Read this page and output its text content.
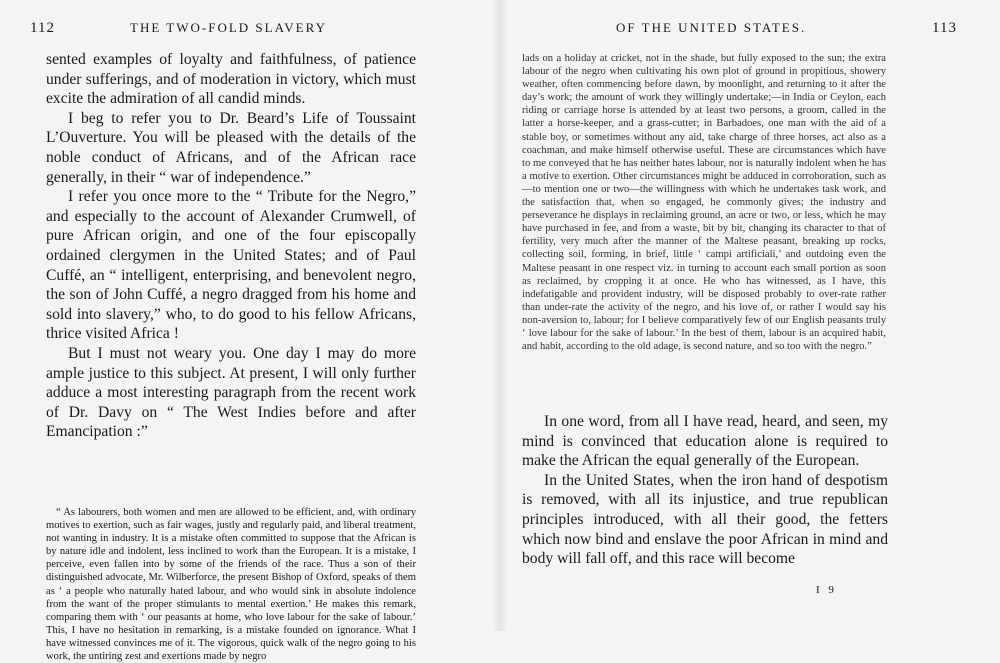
112	THE TWO-FOLD SLAVERY

sented examples of loyalty and faithfulness, of patience under sufferings, and of moderation in victory, which must excite the admiration of all candid minds.

I beg to refer you to Dr. Beard’s Life of Toussaint L’Ouverture. You will be pleased with the details of the noble conduct of Africans, and of the African race generally, in their “ war of independence.”

I refer you once more to the “ Tribute for the Negro,” and especially to the account of Alexander Crumwell, of pure African origin, and one of the four episcopally ordained clergymen in the United States; and of Paul Cuffé, an “ intelligent, enterprising, and benevolent negro, the son of John Cuffé, a negro dragged from his home and sold into slavery,” who, to do good to his fellow Africans, thrice visited Africa !

But I must not weary you. One day I may do more ample justice to this subject. At present, I will only further adduce a most interesting paragraph from the recent work of Dr. Davy on “ The West Indies before and after Emancipation :”

“ As labourers, both women and men are allowed to be efficient, and, with ordinary motives to exertion, such as fair wages, justly and regularly paid, and liberal treatment, not wanting in industry. It is a mistake often committed to suppose that the African is by nature idle and indolent, less inclined to work than the European. It is a mistake, I perceive, even fallen into by some of the friends of the race. Thus a son of their distinguished advocate, Mr. Wilberforce, the present Bishop of Oxford, speaks of them as ‘ a people who naturally hated labour, and who would sink in absolute indolence from the want of the proper stimulants to mental exertion.’ He makes this remark, comparing them with ‘ our peasants at home, who love labour for the sake of labour.’ This, I have no hesitation in remarking, is a mistake founded on ignorance. What I have witnessed convinces me of it. The vigorous, quick walk of the negro going to his work, the untiring zest and exertions made by negro

OF THE UNITED STATES.	113

lads on a holiday at cricket, not in the shade, but fully exposed to the sun; the extra labour of the negro when cultivating his own plot of ground in propitious, showery weather, often commencing before dawn, by moonlight, and returning to it after the day’s work; the amount of work they willingly undertake;—in India or Ceylon, each riding or carriage horse is attended by at least two persons, a groom, called in the latter a horse-keeper, and a grass-cutter; in Barbadoes, one man with the aid of a stable boy, or sometimes without any aid, take charge of three horses, act also as a coachman, and make himself otherwise useful. These are circumstances which have to me conveyed that he has neither hates labour, nor is naturally indolent when he has a motive to exertion. Other circumstances might be adduced in corroboration, such as—to mention one or two—the willingness with which he undertakes task work, and the satisfaction that, when so engaged, he commonly gives; the industry and perseverance he displays in reclaiming ground, an acre or two, or less, which he may have purchased in fee, and from a waste, bit by bit, changing its character to that of fertility, very much after the manner of the Maltese peasant, breaking up rocks, collecting soil, forming, in brief, little ‘ campi artificiali,’ and outdoing even the Maltese peasant in one respect viz. in turning to account each small portion as soon as reclaimed, by cropping it at once. He who has witnessed, as I have, this indefatigable and provident industry, will be disposed probably to over-rate rather than under-rate the activity of the negro, and his love of, or rather I would say his non-aversion to, labour; for I believe comparatively few of our English peasants truly ‘ love labour for the sake of labour.’ In the best of them, labour is an acquired habit, and habit, according to the old adage, is second nature, and so too with the negro.”

In one word, from all I have read, heard, and seen, my mind is convinced that education alone is required to make the African the equal generally of the European.

In the United States, when the iron hand of despotism is removed, with all its injustice, and true republican principles introduced, with all their good, the fetters which now bind and enslave the poor African in mind and body will fall off, and this race will become

I 9
